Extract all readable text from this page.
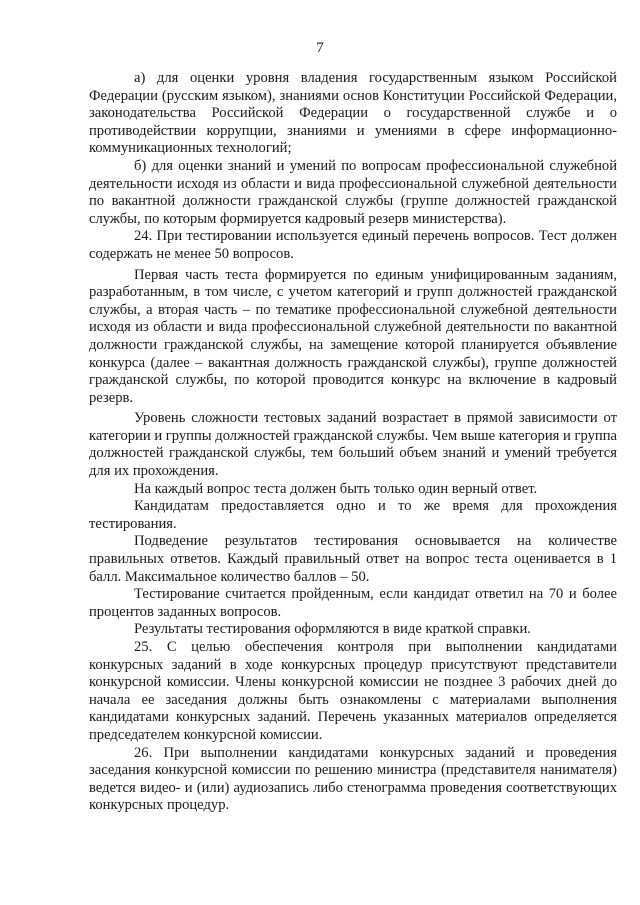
7

а) для оценки уровня владения государственным языком Российской Федерации (русским языком), знаниями основ Конституции Российской Федерации, законодательства Российской Федерации о государственной службе и о противодействии коррупции, знаниями и умениями в сфере информационно-коммуникационных технологий;

б) для оценки знаний и умений по вопросам профессиональной служебной деятельности исходя из области и вида профессиональной служебной деятельности по вакантной должности гражданской службы (группе должностей гражданской службы, по которым формируется кадровый резерв министерства).

24. При тестировании используется единый перечень вопросов. Тест должен содержать не менее 50 вопросов.

Первая часть теста формируется по единым унифицированным заданиям, разработанным, в том числе, с учетом категорий и групп должностей гражданской службы, а вторая часть – по тематике профессиональной служебной деятельности исходя из области и вида профессиональной служебной деятельности по вакантной должности гражданской службы, на замещение которой планируется объявление конкурса (далее – вакантная должность гражданской службы), группе должностей гражданской службы, по которой проводится конкурс на включение в кадровый резерв.

Уровень сложности тестовых заданий возрастает в прямой зависимости от категории и группы должностей гражданской службы. Чем выше категория и группа должностей гражданской службы, тем больший объем знаний и умений требуется для их прохождения.

На каждый вопрос теста должен быть только один верный ответ.

Кандидатам предоставляется одно и то же время для прохождения тестирования.

Подведение результатов тестирования основывается на количестве правильных ответов. Каждый правильный ответ на вопрос теста оценивается в 1 балл. Максимальное количество баллов – 50.

Тестирование считается пройденным, если кандидат ответил на 70 и более процентов заданных вопросов.

Результаты тестирования оформляются в виде краткой справки.

25. С целью обеспечения контроля при выполнении кандидатами конкурсных заданий в ходе конкурсных процедур присутствуют представители конкурсной комиссии. Члены конкурсной комиссии не позднее 3 рабочих дней до начала ее заседания должны быть ознакомлены с материалами выполнения кандидатами конкурсных заданий. Перечень указанных материалов определяется председателем конкурсной комиссии.

26. При выполнении кандидатами конкурсных заданий и проведения заседания конкурсной комиссии по решению министра (представителя нанимателя) ведется видео- и (или) аудиозапись либо стенограмма проведения соответствующих конкурсных процедур.
